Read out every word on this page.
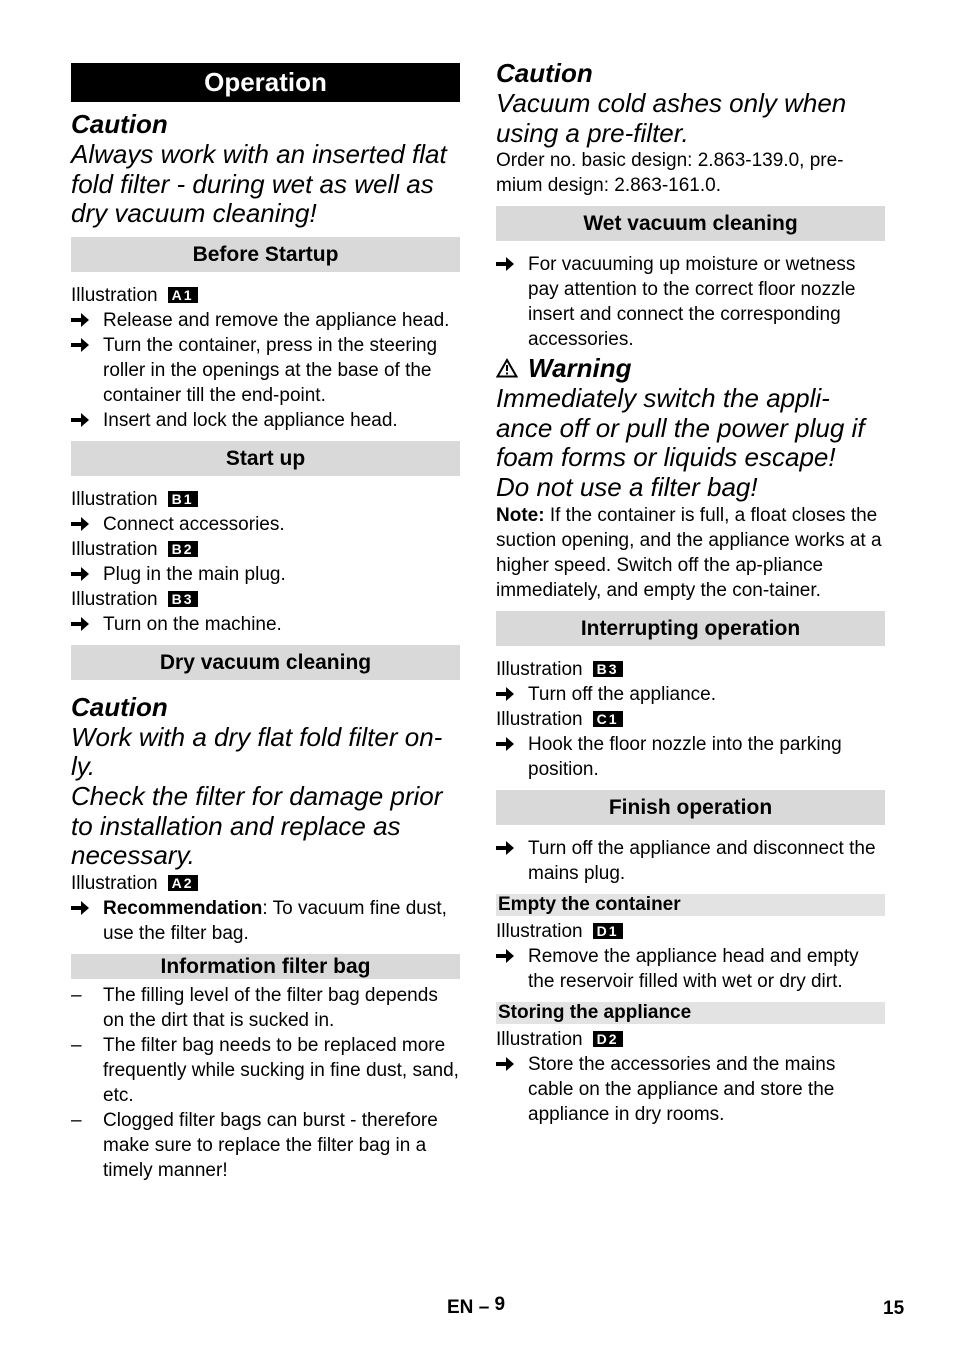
Operation
Caution
Always work with an inserted flat fold filter - during wet as well as dry vacuum cleaning!
Before Startup
Illustration A1
Release and remove the appliance head.
Turn the container, press in the steering roller in the openings at the base of the container till the end-point.
Insert and lock the appliance head.
Start up
Illustration B1
Connect accessories.
Illustration B2
Plug in the main plug.
Illustration B3
Turn on the machine.
Dry vacuum cleaning
Caution
Work with a dry flat fold filter on-ly.
Check the filter for damage prior to installation and replace as necessary.
Illustration A2
Recommendation: To vacuum fine dust, use the filter bag.
Information filter bag
–	The filling level of the filter bag depends on the dirt that is sucked in.
–	The filter bag needs to be replaced more frequently while sucking in fine dust, sand, etc.
–	Clogged filter bags can burst - therefore make sure to replace the filter bag in a timely manner!
Caution
Vacuum cold ashes only when using a pre-filter.
Order no. basic design: 2.863-139.0, pre-mium design: 2.863-161.0.
Wet vacuum cleaning
For vacuuming up moisture or wetness pay attention to the correct floor nozzle insert and connect the corresponding accessories.
Warning
Immediately switch the appli-ance off or pull the power plug if foam forms or liquids escape!
Do not use a filter bag!
Note: If the container is full, a float closes the suction opening, and the appliance works at a higher speed. Switch off the ap-pliance immediately, and empty the con-tainer.
Interrupting operation
Illustration B3
Turn off the appliance.
Illustration C1
Hook the floor nozzle into the parking position.
Finish operation
Turn off the appliance and disconnect the mains plug.
Empty the container
Illustration D1
Remove the appliance head and empty the reservoir filled with wet or dry dirt.
Storing the appliance
Illustration D2
Store the accessories and the mains cable on the appliance and store the appliance in dry rooms.
EN – 9	15
